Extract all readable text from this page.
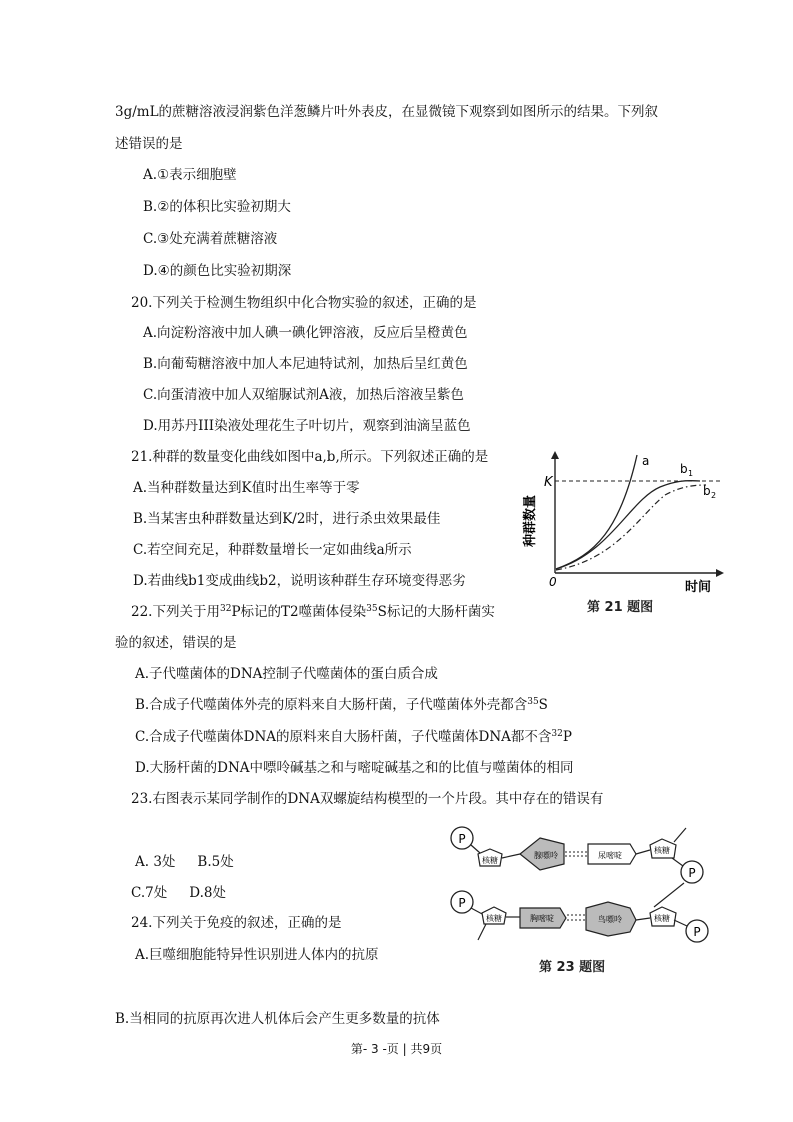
3g/mL的蔗糖溶液浸润紫色洋葱鳞片叶外表皮，在显微镜下观察到如图所示的结果。下列叙
述错误的是
A.①表示细胞壁
B.②的体积比实验初期大
C.③处充满着蔗糖溶液
D.④的颜色比实验初期深
20.下列关于检测生物组织中化合物实验的叙述，正确的是
A.向淀粉溶液中加人碘一碘化钾溶液，反应后呈橙黄色
B.向葡萄糖溶液中加人本尼迪特试剂，加热后呈红黄色
C.向蛋清液中加人双缩脲试剂A液，加热后溶液呈紫色
D.用苏丹III染液处理花生子叶切片，观察到油滴呈蓝色
21.种群的数量变化曲线如图中a,b,所示。下列叙述正确的是
A.当种群数量达到K值时出生率等于零
B.当某害虫种群数量达到K/2时，进行杀虫效果最佳
C.若空间充足，种群数量增长一定如曲线a所示
D.若曲线b1变成曲线b2，说明该种群生存环境变得恶劣
K
a
b 1
b 2
0	时间
种群数量
第 21 题图
22.下列关于用$^{32}$P标记的T2噬菌体侵染$^{35}$S标记的大肠杆菌实
验的叙述，错误的是
A.子代噬菌体的DNA控制子代噬菌体的蛋白质合成
B.合成子代噬菌体外壳的原料来自大肠杆菌，子代噬菌体外壳都含$^{35}$S
C.合成子代噬菌体DNA的原料来自大肠杆菌，子代噬菌体DNA都不含$^{32}$P
D.大肠杆菌的DNA中嘌呤碱基之和与嘧啶碱基之和的比值与噬菌体的相同
23.右图表示某同学制作的DNA双螺旋结构模型的一个片段。其中存在的错误有
A. 3处 B.5处
C.7处 D.8处
P
核糖
腺嘌呤	尿嘧啶
核糖
P
P
核糖	胸嘧啶	鸟嘌呤	核糖
P
第 23 题图
24.下列关于免疫的叙述，正确的是
A.巨噬细胞能特异性识别进人体内的抗原
B.当相同的抗原再次进人机体后会产生更多数量的抗体
第- 3 -页 | 共9页
